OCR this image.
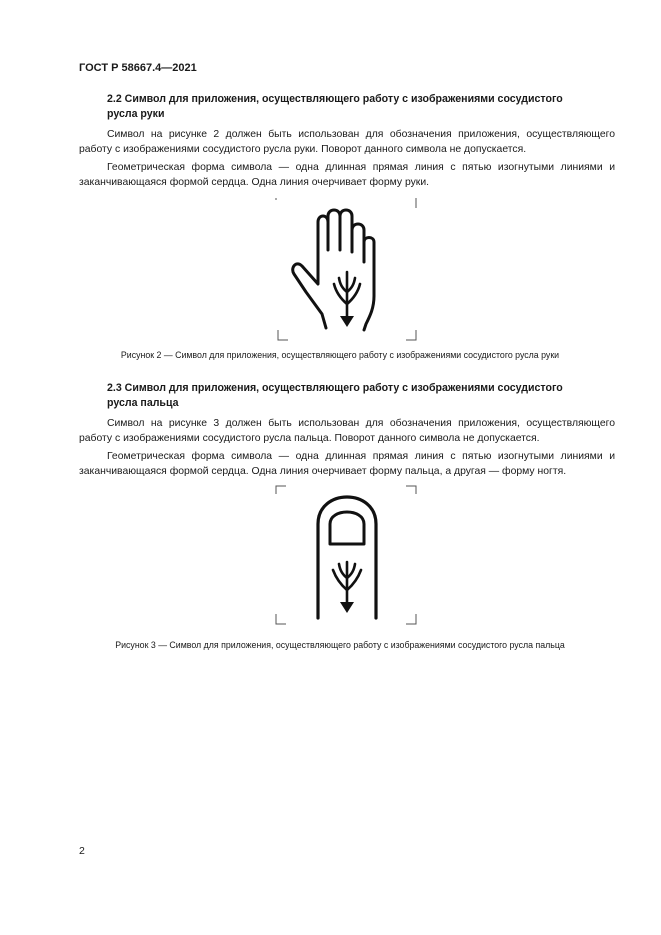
ГОСТ Р 58667.4—2021

2.2 Символ для приложения, осуществляющего работу с изображениями сосудистого русла руки

Символ на рисунке 2 должен быть использован для обозначения приложения, осуществляющего работу с изображениями сосудистого русла руки. Поворот данного символа не допускается.

Геометрическая форма символа — одна длинная прямая линия с пятью изогнутыми линиями и заканчивающаяся формой сердца. Одна линия очерчивает форму руки.

Рисунок 2 — Символ для приложения, осуществляющего работу с изображениями сосудистого русла руки

2.3 Символ для приложения, осуществляющего работу с изображениями сосудистого русла пальца

Символ на рисунке 3 должен быть использован для обозначения приложения, осуществляющего работу с изображениями сосудистого русла пальца. Поворот данного символа не допускается.

Геометрическая форма символа — одна длинная прямая линия с пятью изогнутыми линиями и заканчивающаяся формой сердца. Одна линия очерчивает форму пальца, а другая — форму ногтя.

Рисунок 3 — Символ для приложения, осуществляющего работу с изображениями сосудистого русла пальца
2
